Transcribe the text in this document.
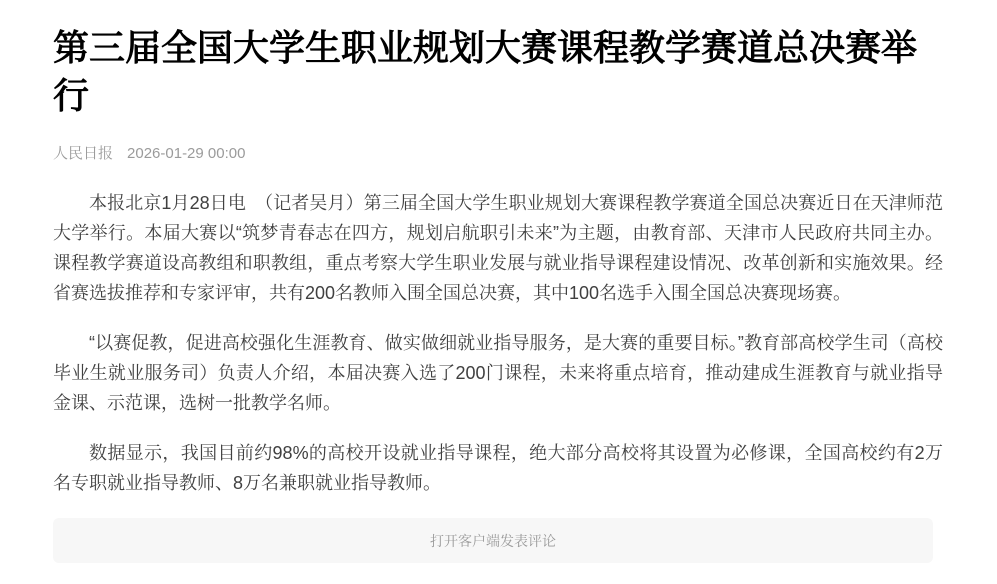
第三届全国大学生职业规划大赛课程教学赛道总决赛举行
人民日报 2026-01-29 00:00

本报北京1月28日电　（记者吴月）第三届全国大学生职业规划大赛课程教学赛道全国总决赛近日在天津师范大学举行。本届大赛以“筑梦青春志在四方，规划启航职引未来”为主题，由教育部、天津市人民政府共同主办。课程教学赛道设高教组和职教组，重点考察大学生职业发展与就业指导课程建设情况、改革创新和实施效果。经省赛选拔推荐和专家评审，共有200名教师入围全国总决赛，其中100名选手入围全国总决赛现场赛。

“以赛促教，促进高校强化生涯教育、做实做细就业指导服务，是大赛的重要目标。”教育部高校学生司（高校毕业生就业服务司）负责人介绍，本届决赛入选了200门课程，未来将重点培育，推动建成生涯教育与就业指导金课、示范课，选树一批教学名师。

数据显示，我国目前约98%的高校开设就业指导课程，绝大部分高校将其设置为必修课，全国高校约有2万名专职就业指导教师、8万名兼职就业指导教师。

打开客户端发表评论
